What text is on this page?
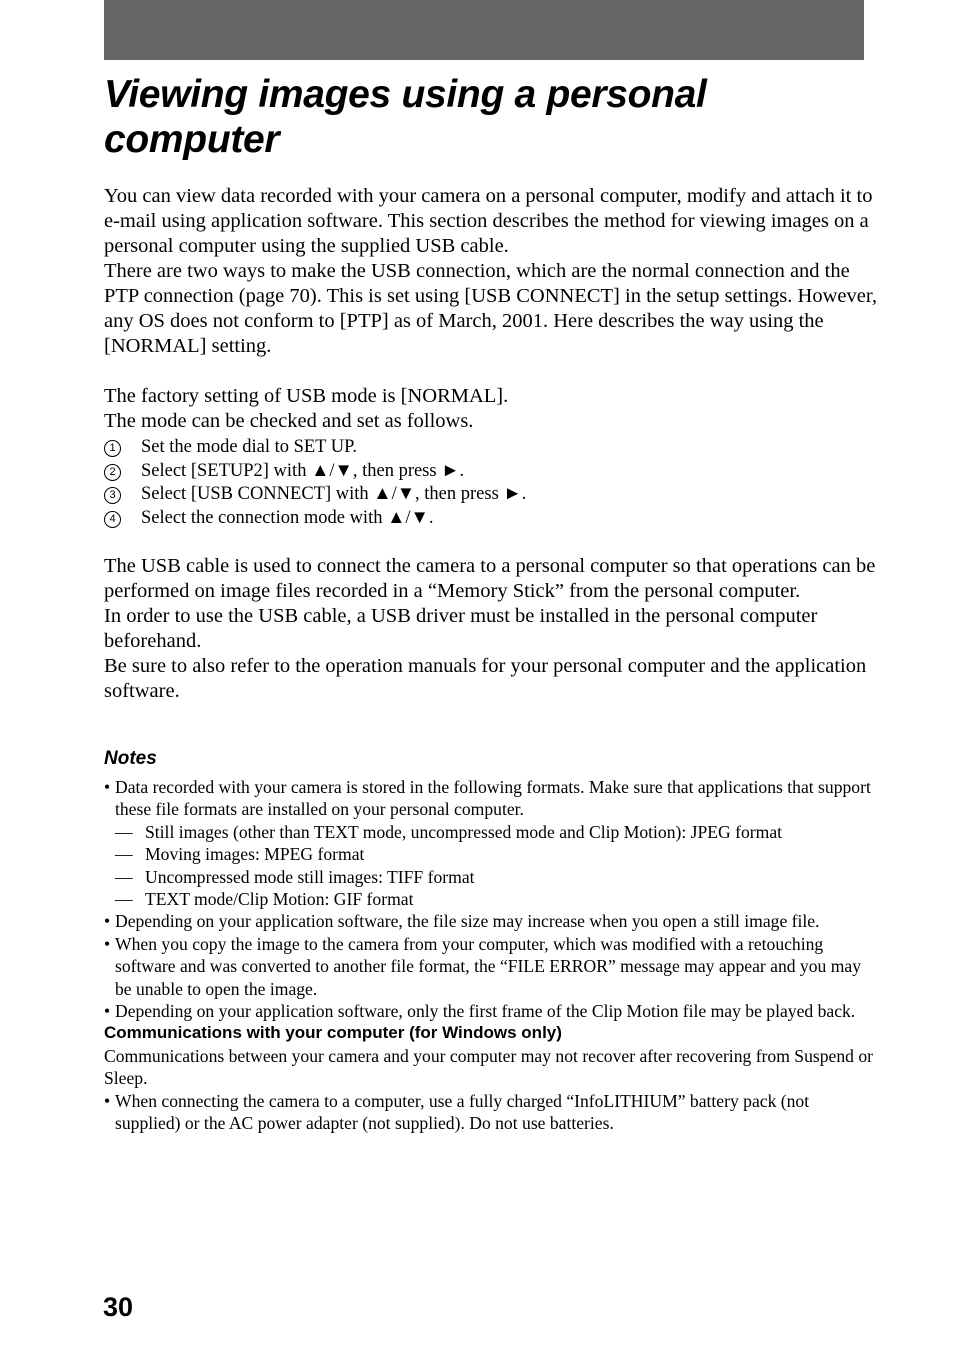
Viewing images using a personal computer

You can view data recorded with your camera on a personal computer, modify and attach it to e-mail using application software. This section describes the method for viewing images on a personal computer using the supplied USB cable.

There are two ways to make the USB connection, which are the normal connection and the PTP connection (page 70). This is set using [USB CONNECT] in the setup settings. However, any OS does not conform to [PTP] as of March, 2001. Here describes the way using the [NORMAL] setting.

The factory setting of USB mode is [NORMAL].

The mode can be checked and set as follows.

1 Set the mode dial to SET UP.
2 Select [SETUP2] with ▲/▼, then press ►.
3 Select [USB CONNECT] with ▲/▼, then press ►.
4 Select the connection mode with ▲/▼.

The USB cable is used to connect the camera to a personal computer so that operations can be performed on image files recorded in a “Memory Stick” from the personal computer.

In order to use the USB cable, a USB driver must be installed in the personal computer beforehand.

Be sure to also refer to the operation manuals for your personal computer and the application software.

Notes
• Data recorded with your camera is stored in the following formats. Make sure that applications that support these file formats are installed on your personal computer.
— Still images (other than TEXT mode, uncompressed mode and Clip Motion): JPEG format
— Moving images: MPEG format
— Uncompressed mode still images: TIFF format
— TEXT mode/Clip Motion: GIF format
• Depending on your application software, the file size may increase when you open a still image file.
• When you copy the image to the camera from your computer, which was modified with a retouching software and was converted to another file format, the “FILE ERROR” message may appear and you may be unable to open the image.
• Depending on your application software, only the first frame of the Clip Motion file may be played back.
Communications with your computer (for Windows only)
Communications between your camera and your computer may not recover after recovering from Suspend or Sleep.
• When connecting the camera to a computer, use a fully charged “InfoLITHIUM” battery pack (not supplied) or the AC power adapter (not supplied). Do not use batteries.
30
